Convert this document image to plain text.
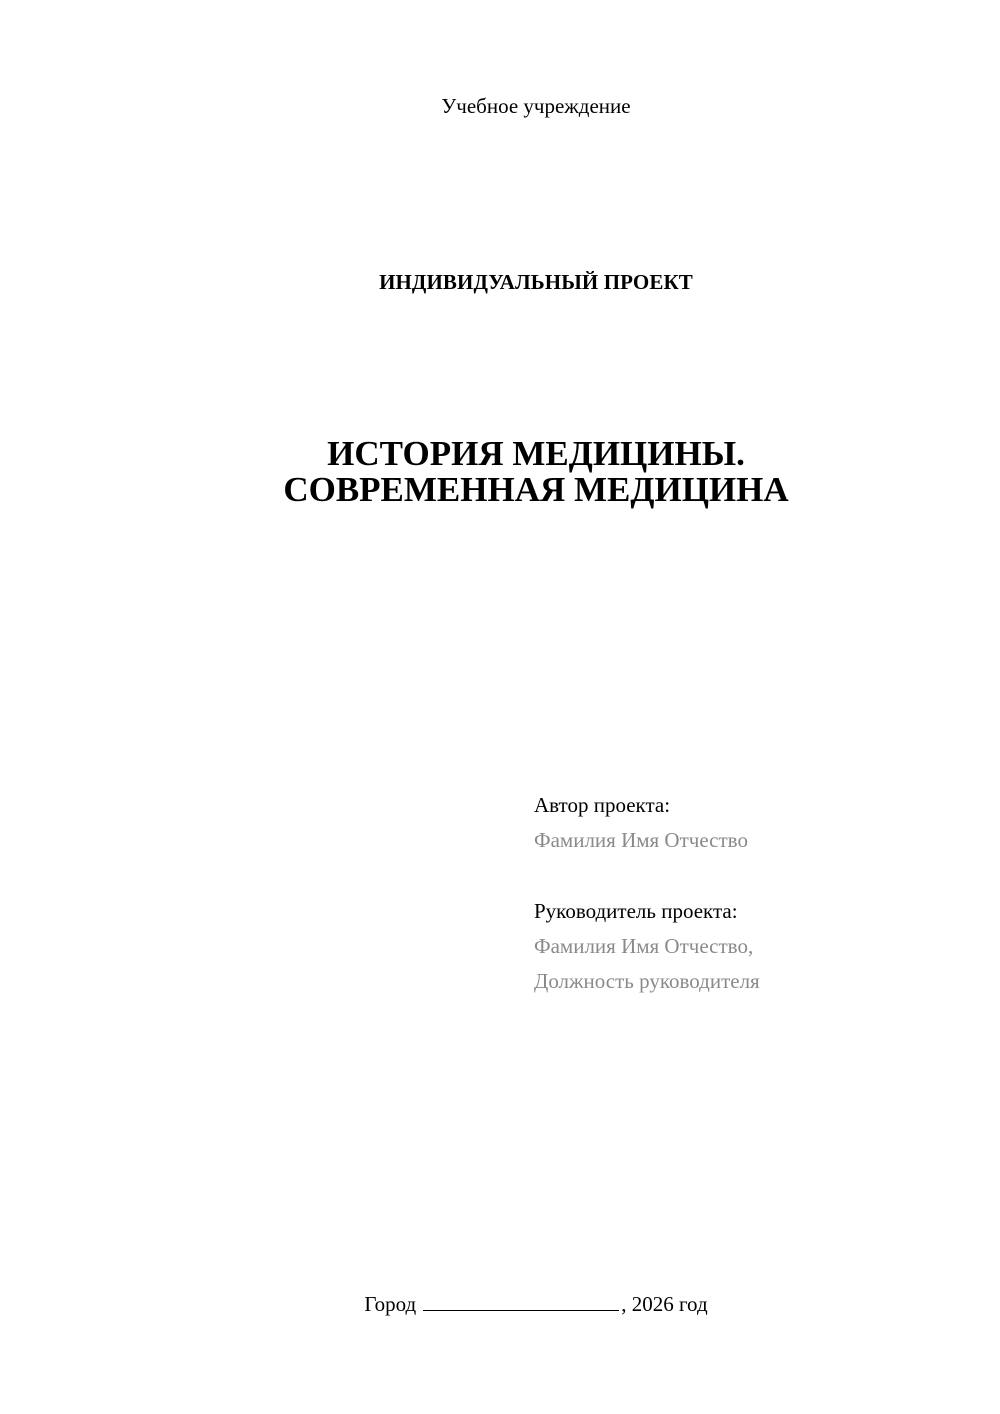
Учебное учреждение
ИНДИВИДУАЛЬНЫЙ ПРОЕКТ
ИСТОРИЯ МЕДИЦИНЫ.
СОВРЕМЕННАЯ МЕДИЦИНА
Автор проекта:
Фамилия Имя Отчество
Руководитель проекта:
Фамилия Имя Отчество,
Должность руководителя
Город	, 2026 год
